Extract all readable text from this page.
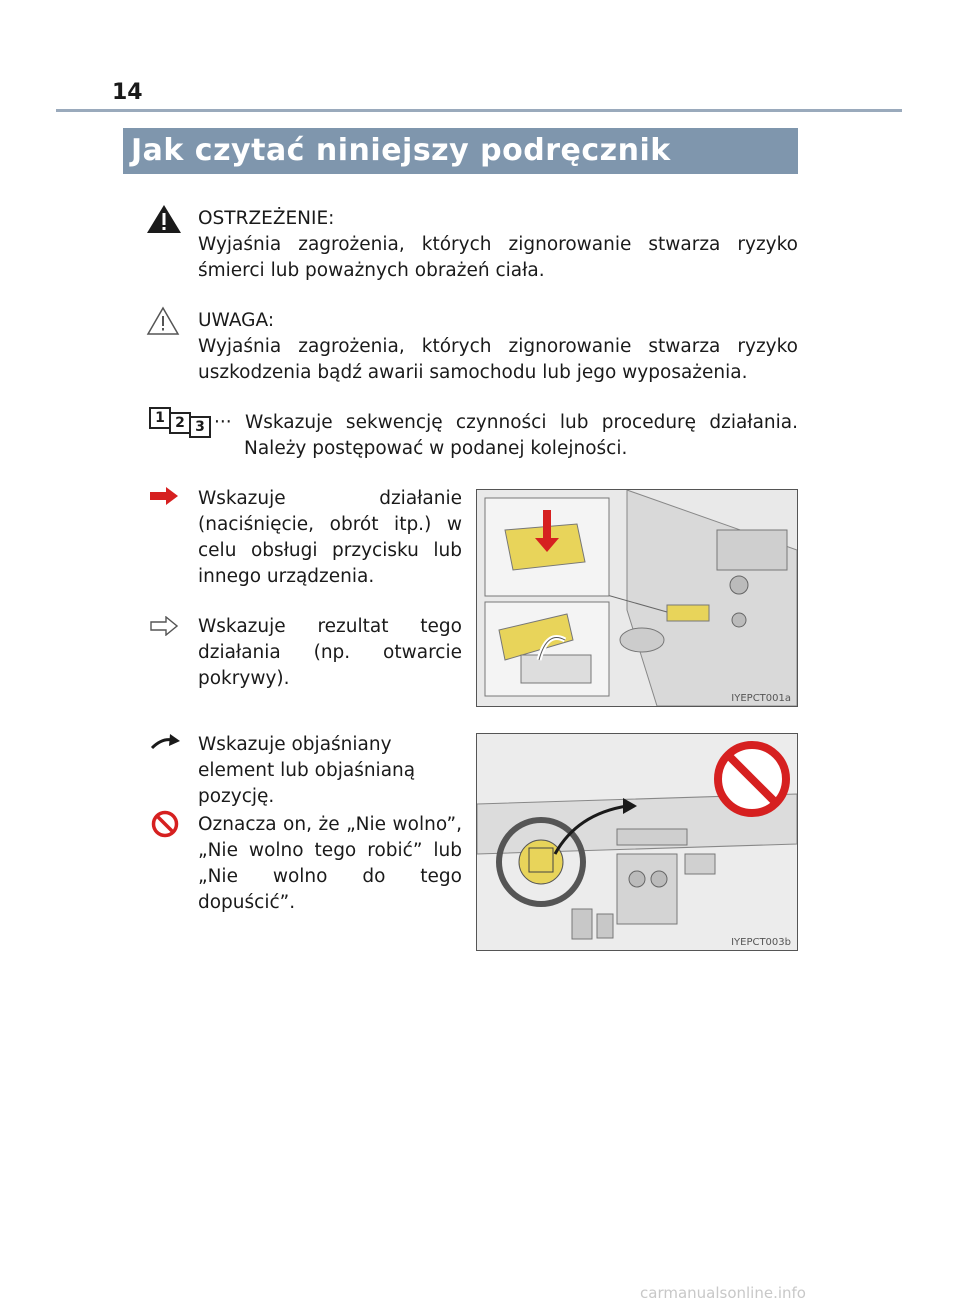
14
Jak czytać niniejszy podręcznik
OSTRZEŻENIE:
Wyjaśnia zagrożenia, których zignorowanie stwarza ryzyko śmierci lub poważnych obrażeń ciała.
UWAGA:
Wyjaśnia zagrożenia, których zignorowanie stwarza ryzyko uszkodzenia bądź awarii samochodu lub jego wyposażenia.
1 2 3 ··· Wskazuje sekwencję czynności lub procedurę działania. Należy postępować w podanej kolejności.
Wskazuje działanie (naciśnięcie, obrót itp.) w celu obsługi przycisku lub innego urządzenia.
Wskazuje rezultat tego działania (np. otwarcie pokrywy).
IYEPCT001a
Wskazuje objaśniany element lub objaśnianą pozycję.
Oznacza on, że „Nie wolno”, „Nie wolno tego robić” lub „Nie wolno do tego dopuścić”.
IYEPCT003b
carmanualsonline.info
